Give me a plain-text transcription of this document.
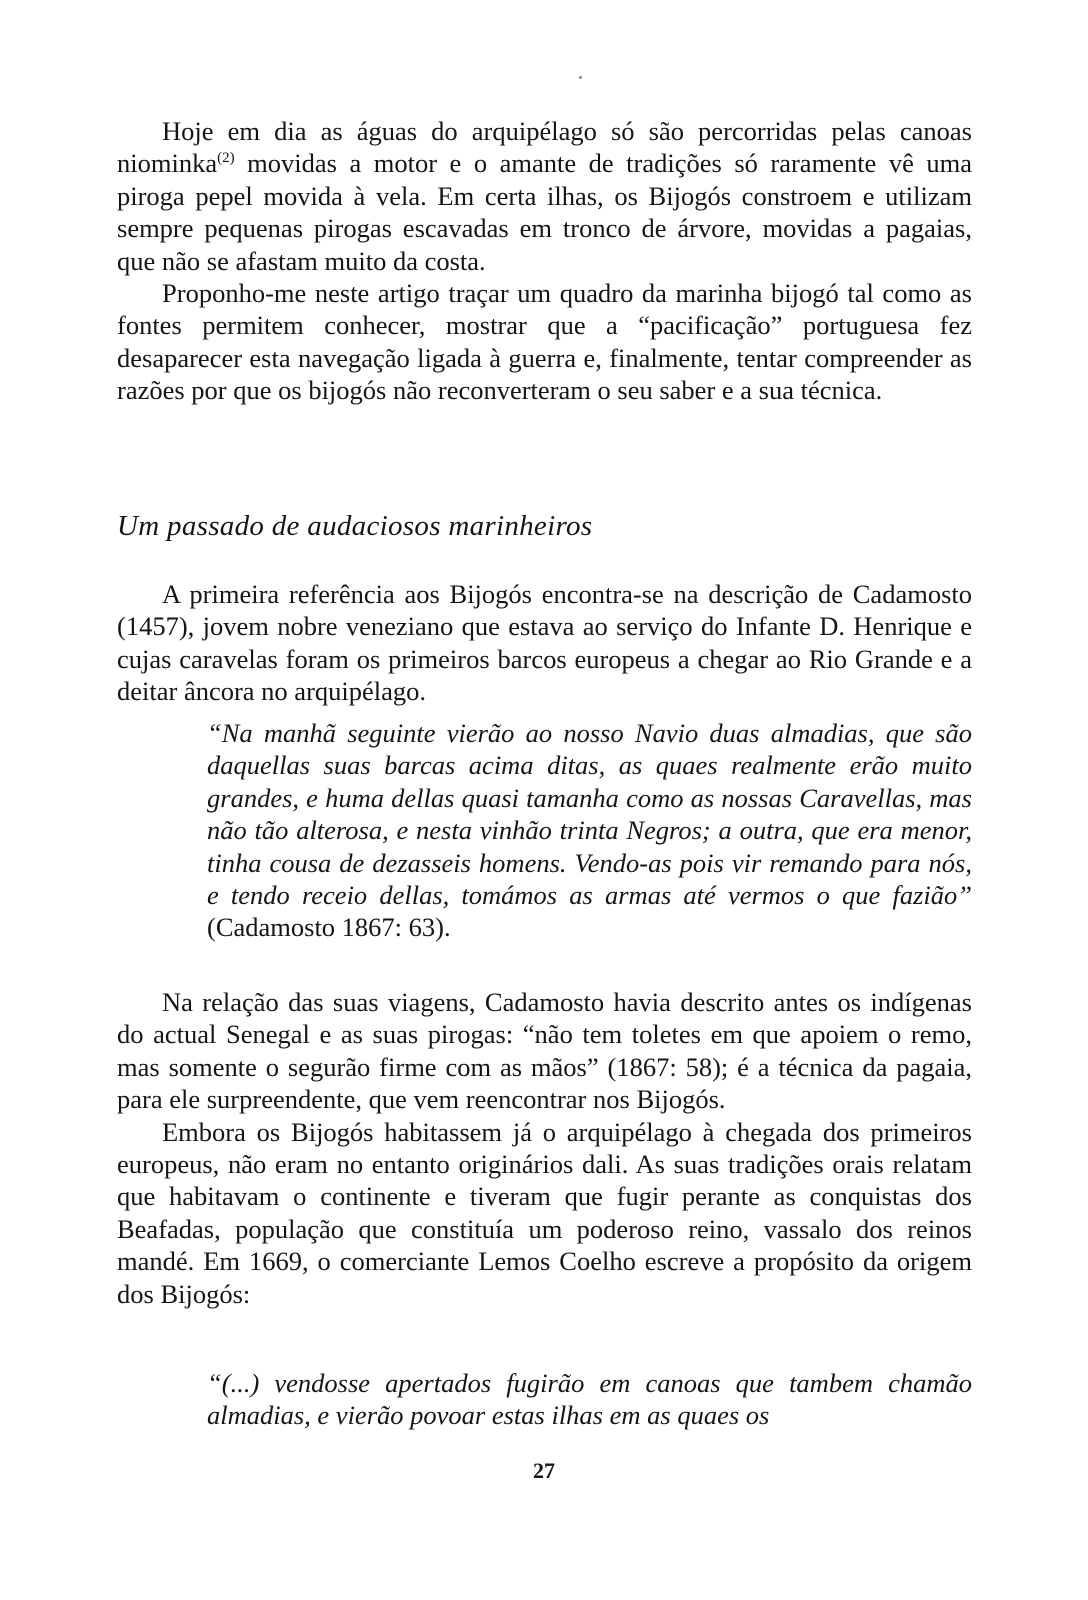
Hoje em dia as águas do arquipélago só são percorridas pelas canoas niominka$^{(2)}$ movidas a motor e o amante de tradições só raramente vê uma piroga pepel movida à vela. Em certa ilhas, os Bijogós constroem e utilizam sempre pequenas pirogas escavadas em tronco de árvore, movidas a pagaias, que não se afastam muito da costa.

Proponho-me neste artigo traçar um quadro da marinha bijogó tal como as fontes permitem conhecer, mostrar que a “pacificação” portuguesa fez desaparecer esta navegação ligada à guerra e, finalmente, tentar compreender as razões por que os bijogós não reconverteram o seu saber e a sua técnica.

Um passado de audaciosos marinheiros

A primeira referência aos Bijogós encontra-se na descrição de Cadamosto (1457), jovem nobre veneziano que estava ao serviço do Infante D. Henrique e cujas caravelas foram os primeiros barcos europeus a chegar ao Rio Grande e a deitar âncora no arquipélago.

“Na manhã seguinte vierão ao nosso Navio duas almadias, que são daquellas suas barcas acima ditas, as quaes realmente erão muito grandes, e huma dellas quasi tamanha como as nossas Caravellas, mas não tão alterosa, e nesta vinhão trinta Negros; a outra, que era menor, tinha cousa de dezasseis homens. Vendo-as pois vir remando para nós, e tendo receio dellas, tomámos as armas até vermos o que fazião” (Cadamosto 1867: 63).

Na relação das suas viagens, Cadamosto havia descrito antes os indígenas do actual Senegal e as suas pirogas: “não tem toletes em que apoiem o remo, mas somente o segurão firme com as mãos” (1867: 58); é a técnica da pagaia, para ele surpreendente, que vem reencontrar nos Bijogós.

Embora os Bijogós habitassem já o arquipélago à chegada dos primeiros europeus, não eram no entanto originários dali. As suas tradições orais relatam que habitavam o continente e tiveram que fugir perante as conquistas dos Beafadas, população que constituía um poderoso reino, vassalo dos reinos mandé. Em 1669, o comerciante Lemos Coelho escreve a propósito da origem dos Bijogós:

“(...) vendosse apertados fugirão em canoas que tambem chamão almadias, e vierão povoar estas ilhas em as quaes os

27
